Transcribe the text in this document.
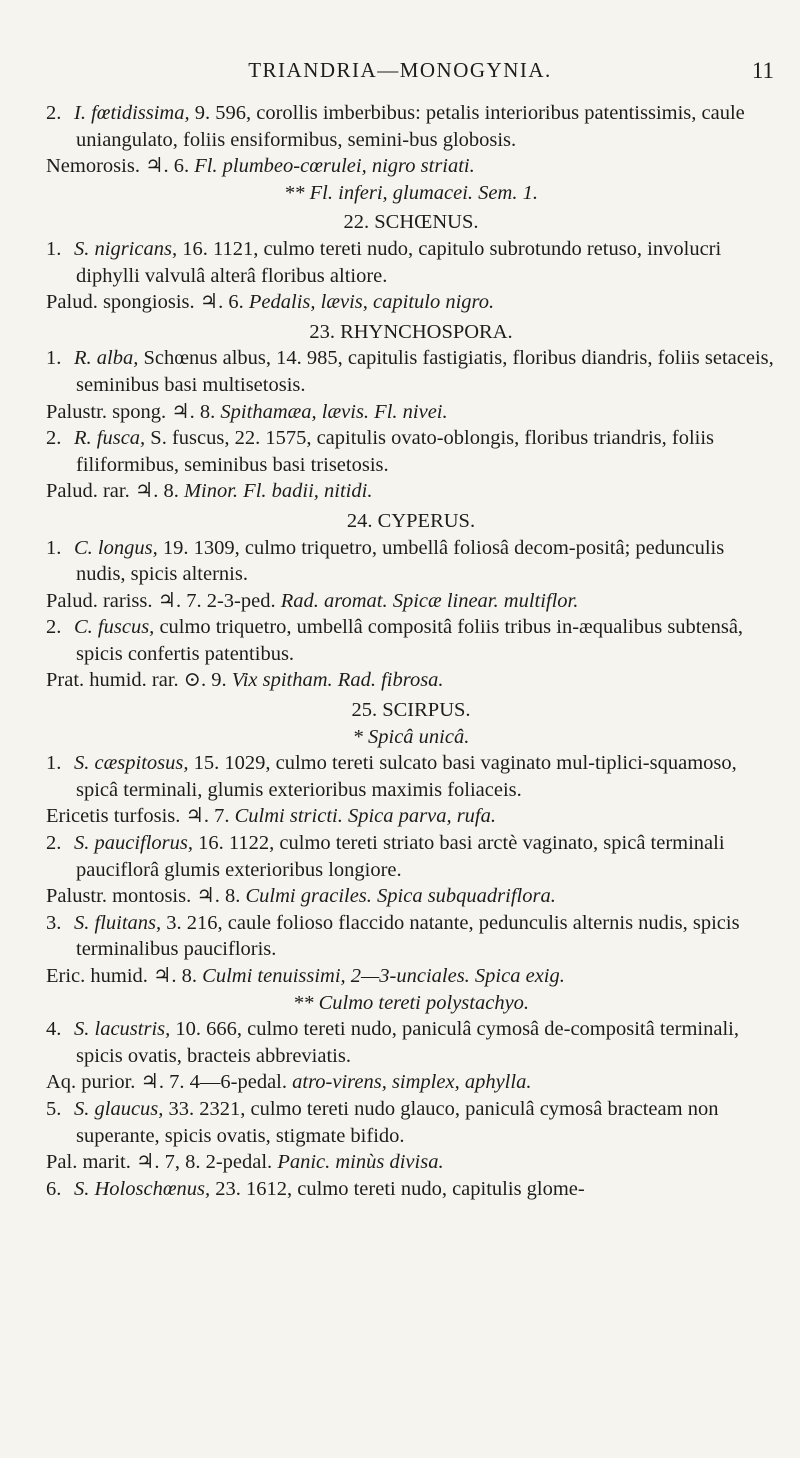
TRIANDRIA—MONOGYNIA.	11

2. I. fœtidissima, 9. 596, corollis imberbibus: petalis interioribus patentissimis, caule uniangulato, foliis ensiformibus, semini-bus globosis.

Nemorosis. ♃. 6. Fl. plumbeo-cœrulei, nigro striati.

** Fl. inferi, glumacei. Sem. 1.

22. SCHŒNUS.

1. S. nigricans, 16. 1121, culmo tereti nudo, capitulo subrotundo retuso, involucri diphylli valvulâ alterâ floribus altiore.

Palud. spongiosis. ♃. 6. Pedalis, lævis, capitulo nigro.

23. RHYNCHOSPORA.

1. R. alba, Schœnus albus, 14. 985, capitulis fastigiatis, floribus diandris, foliis setaceis, seminibus basi multisetosis.

Palustr. spong. ♃. 8. Spithamæa, lævis. Fl. nivei.

2. R. fusca, S. fuscus, 22. 1575, capitulis ovato-oblongis, floribus triandris, foliis filiformibus, seminibus basi trisetosis.

Palud. rar. ♃. 8. Minor. Fl. badii, nitidi.

24. CYPERUS.

1. C. longus, 19. 1309, culmo triquetro, umbellâ foliosâ decom-positâ; pedunculis nudis, spicis alternis.

Palud. rariss. ♃. 7. 2-3-ped. Rad. aromat. Spicæ linear. multiflor.

2. C. fuscus, culmo triquetro, umbellâ compositâ foliis tribus in-æqualibus subtensâ, spicis confertis patentibus.

Prat. humid. rar. ⊙. 9. Vix spitham. Rad. fibrosa.

25. SCIRPUS.

* Spicâ unicâ.

1. S. cæspitosus, 15. 1029, culmo tereti sulcato basi vaginato mul-tiplici-squamoso, spicâ terminali, glumis exterioribus maximis foliaceis.

Ericetis turfosis. ♃. 7. Culmi stricti. Spica parva, rufa.

2. S. pauciflorus, 16. 1122, culmo tereti striato basi arctè vaginato, spicâ terminali pauciflorâ glumis exterioribus longiore.

Palustr. montosis. ♃. 8. Culmi graciles. Spica subquadriflora.

3. S. fluitans, 3. 216, caule folioso flaccido natante, pedunculis alternis nudis, spicis terminalibus paucifloris.

Eric. humid. ♃. 8. Culmi tenuissimi, 2—3-unciales. Spica exig.

** Culmo tereti polystachyo.

4. S. lacustris, 10. 666, culmo tereti nudo, paniculâ cymosâ de-compositâ terminali, spicis ovatis, bracteis abbreviatis.

Aq. purior. ♃. 7. 4—6-pedal. atro-virens, simplex, aphylla.

5. S. glaucus, 33. 2321, culmo tereti nudo glauco, paniculâ cymosâ bracteam non superante, spicis ovatis, stigmate bifido.

Pal. marit. ♃. 7, 8. 2-pedal. Panic. minùs divisa.

6. S. Holoschœnus, 23. 1612, culmo tereti nudo, capitulis glome-
